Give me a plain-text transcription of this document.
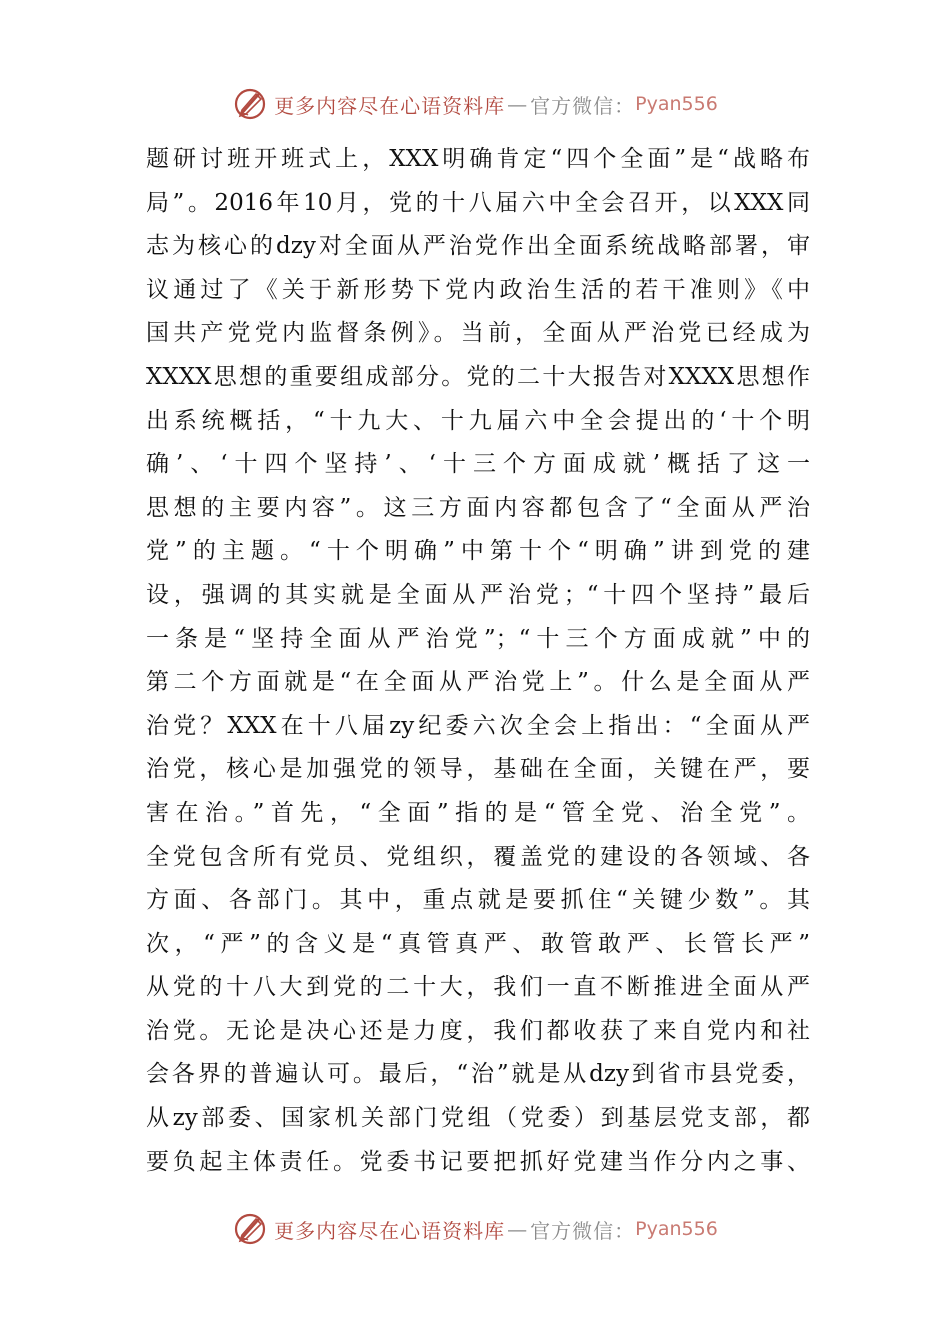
更多内容尽在心语资料库 — 官方微信： Pyan556
题研讨班开班式上，XXX明确肯定“四个全面”是“战略布
局”。2016年10月，党的十八届六中全会召开，以XXX同
志为核心的dzy对全面从严治党作出全面系统战略部署，审
议通过了《关于新形势下党内政治生活的若干准则》《中
国共产党党内监督条例》。当前，全面从严治党已经成为
XXXX思想的重要组成部分。党的二十大报告对XXXX思想作
出系统概括，“十九大、十九届六中全会提出的‘十个明
确’、‘十四个坚持’、‘十三个方面成就’概括了这一
思想的主要内容”。这三方面内容都包含了“全面从严治
党”的主题。“十个明确”中第十个“明确”讲到党的建
设，强调的其实就是全面从严治党；“十四个坚持”最后
一条是“坚持全面从严治党”；“十三个方面成就”中的
第二个方面就是“在全面从严治党上”。什么是全面从严
治党？XXX在十八届zy纪委六次全会上指出：“全面从严
治党，核心是加强党的领导，基础在全面，关键在严，要
害在治。”首先，“全面”指的是“管全党、治全党”。
全党包含所有党员、党组织，覆盖党的建设的各领域、各
方面、各部门。其中，重点就是要抓住“关键少数”。其
次，“严”的含义是“真管真严、敢管敢严、长管长严”
从党的十八大到党的二十大，我们一直不断推进全面从严
治党。无论是决心还是力度，我们都收获了来自党内和社
会各界的普遍认可。最后，“治”就是从dzy到省市县党委，
从zy部委、国家机关部门党组（党委）到基层党支部，都
要负起主体责任。党委书记要把抓好党建当作分内之事、
更多内容尽在心语资料库 — 官方微信： Pyan556
